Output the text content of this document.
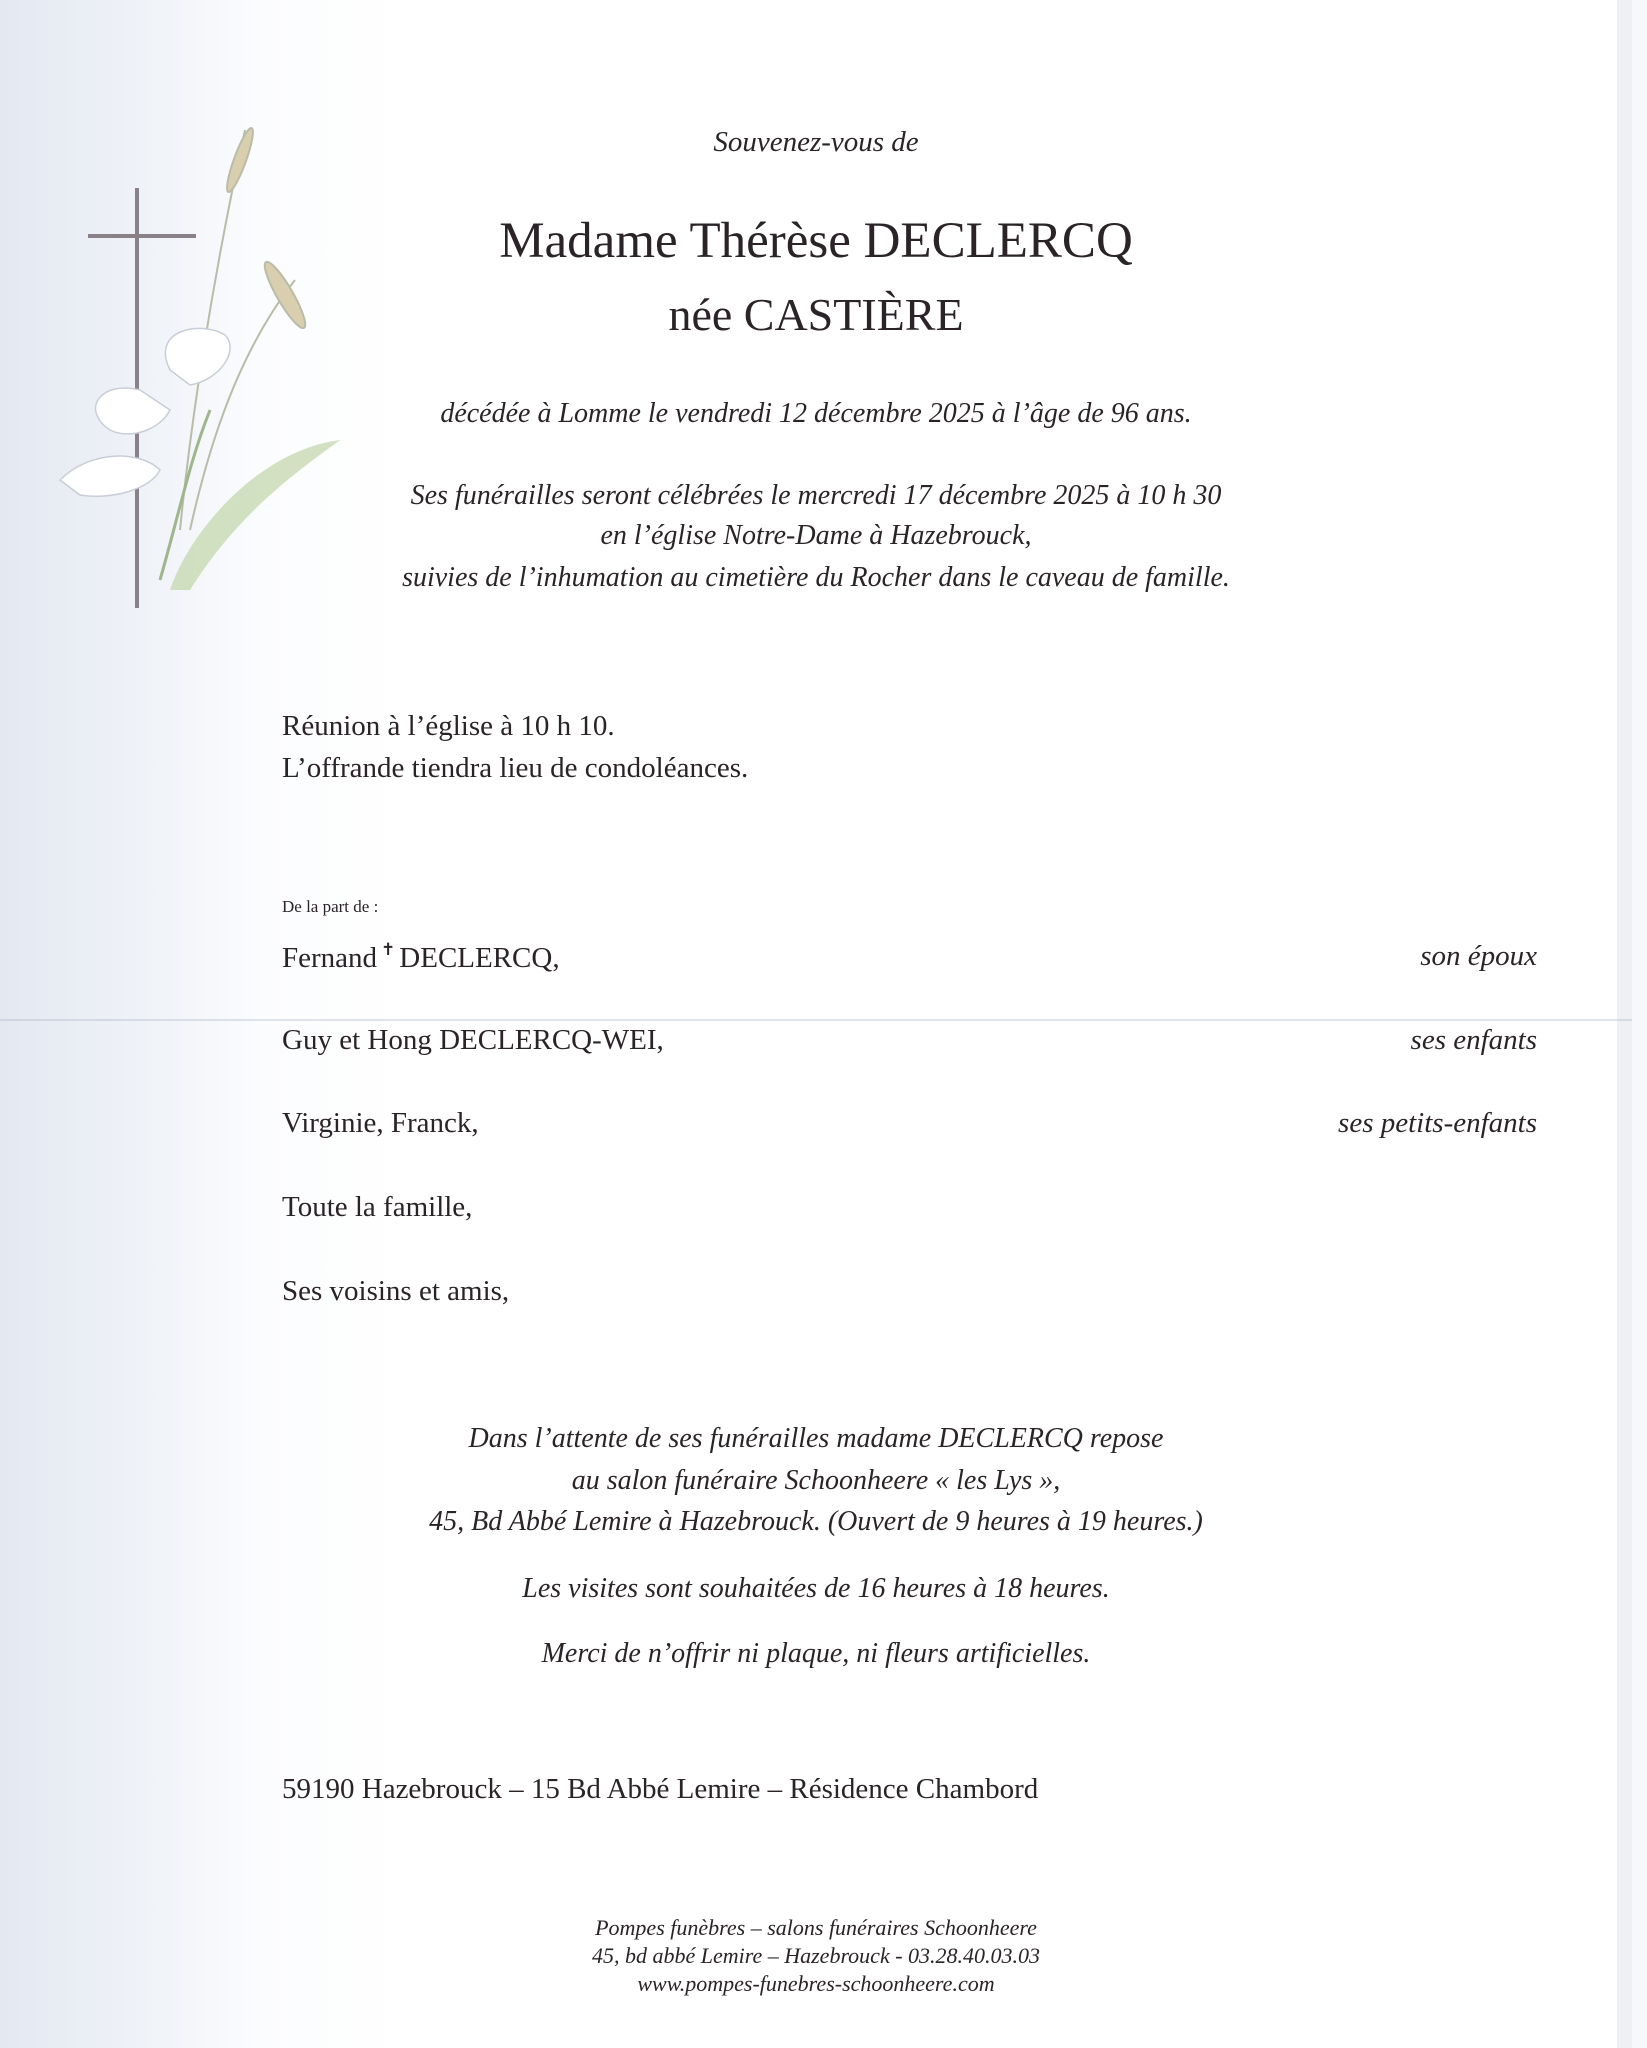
Souvenez-vous de
Madame Thérèse DECLERCQ
née CASTIÈRE
décédée à Lomme le vendredi 12 décembre 2025 à l’âge de 96 ans.
Ses funérailles seront célébrées le mercredi 17 décembre 2025 à 10 h 30
en l’église Notre-Dame à Hazebrouck,
suivies de l’inhumation au cimetière du Rocher dans le caveau de famille.
Réunion à l’église à 10 h 10.
L’offrande tiendra lieu de condoléances.
De la part de :
Fernand ✝ DECLERCQ,	son époux
Guy et Hong DECLERCQ-WEI,	ses enfants
Virginie, Franck,	ses petits-enfants
Toute la famille,
Ses voisins et amis,
Dans l’attente de ses funérailles madame DECLERCQ repose
au salon funéraire Schoonheere « les Lys »,
45, Bd Abbé Lemire à Hazebrouck. (Ouvert de 9 heures à 19 heures.)
Les visites sont souhaitées de 16 heures à 18 heures.
Merci de n’offrir ni plaque, ni fleurs artificielles.
59190 Hazebrouck – 15 Bd Abbé Lemire – Résidence Chambord
Pompes funèbres – salons funéraires Schoonheere
45, bd abbé Lemire – Hazebrouck - 03.28.40.03.03
www.pompes-funebres-schoonheere.com
